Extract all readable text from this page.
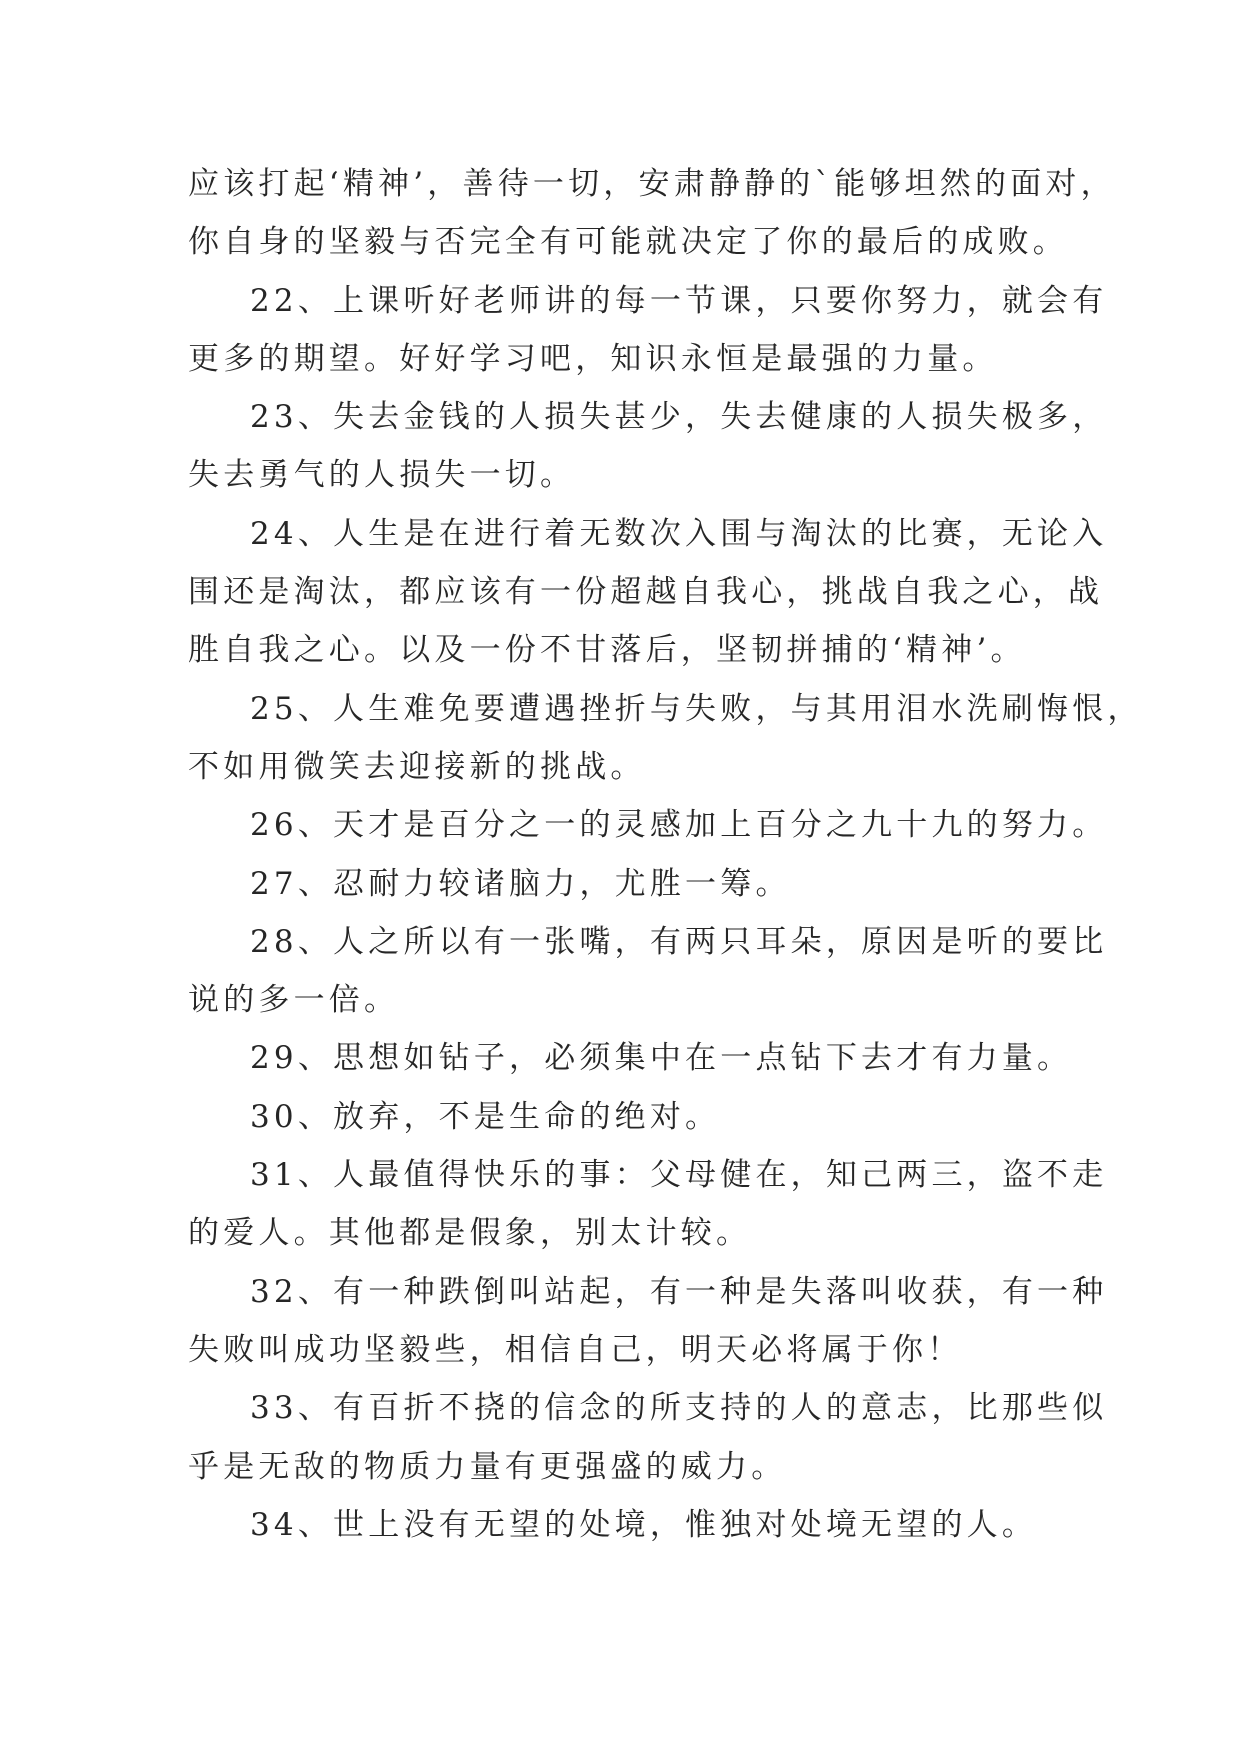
应该打起‘精神’，善待一切，安肃静静的`能够坦然的面对，
你自身的坚毅与否完全有可能就决定了你的最后的成败。
22、上课听好老师讲的每一节课，只要你努力，就会有
更多的期望。好好学习吧，知识永恒是最强的力量。
23、失去金钱的人损失甚少，失去健康的人损失极多，
失去勇气的人损失一切。
24、人生是在进行着无数次入围与淘汰的比赛，无论入
围还是淘汰，都应该有一份超越自我心，挑战自我之心，战
胜自我之心。以及一份不甘落后，坚韧拼捕的‘精神’。
25、人生难免要遭遇挫折与失败，与其用泪水洗刷悔恨，
不如用微笑去迎接新的挑战。
26、天才是百分之一的灵感加上百分之九十九的努力。
27、忍耐力较诸脑力，尤胜一筹。
28、人之所以有一张嘴，有两只耳朵，原因是听的要比
说的多一倍。
29、思想如钻子，必须集中在一点钻下去才有力量。
30、放弃，不是生命的绝对。
31、人最值得快乐的事：父母健在，知己两三，盗不走
的爱人。其他都是假象，别太计较。
32、有一种跌倒叫站起，有一种是失落叫收获，有一种
失败叫成功坚毅些，相信自己，明天必将属于你！
33、有百折不挠的信念的所支持的人的意志，比那些似
乎是无敌的物质力量有更强盛的威力。
34、世上没有无望的处境，惟独对处境无望的人。
